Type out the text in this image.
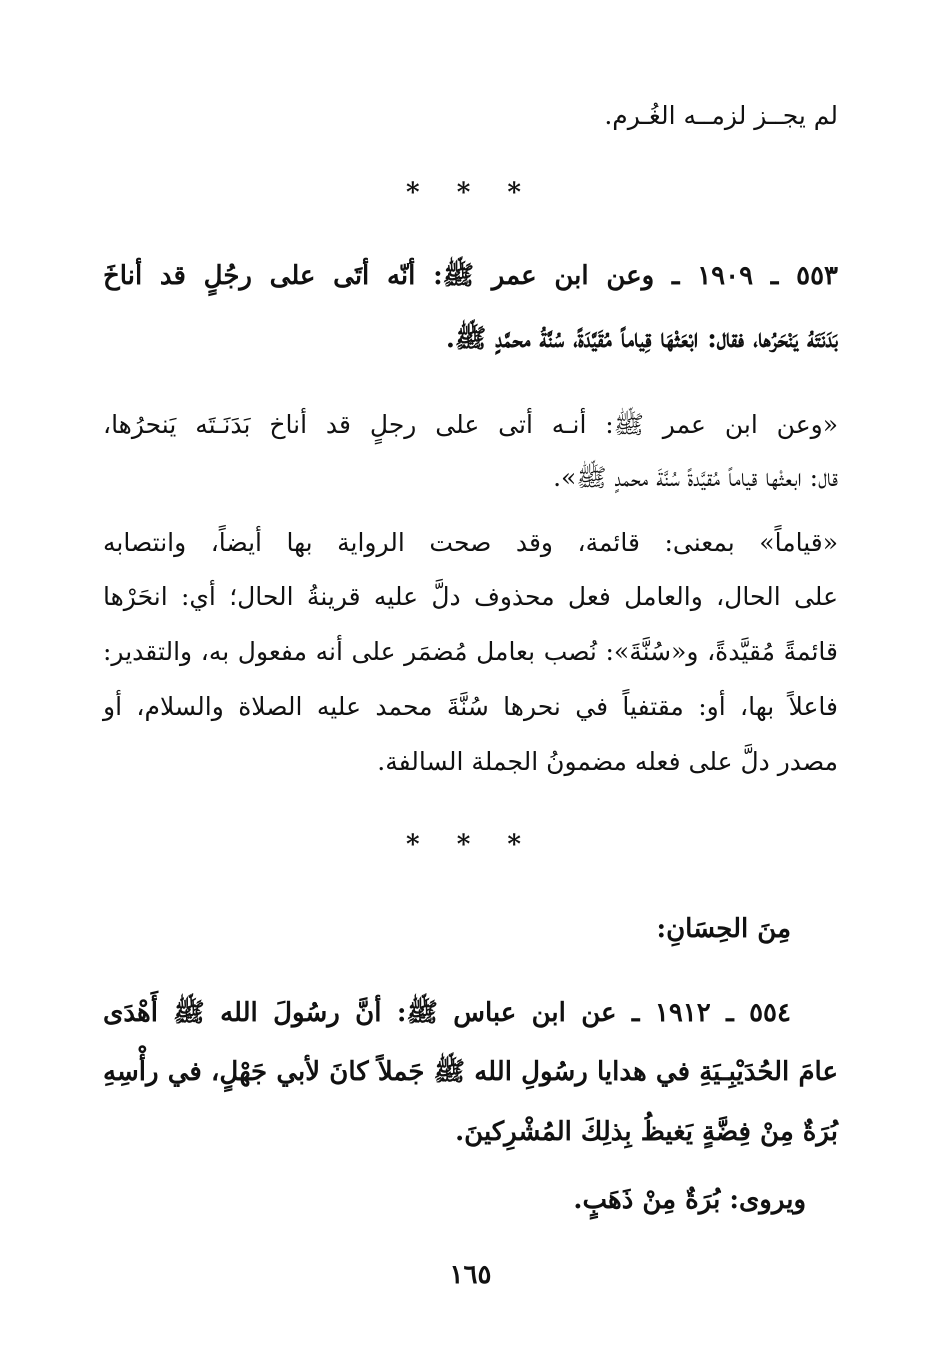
لم يجــز لزمــه الغُـرم.
* * *
٥٥٣ ـ ١٩٠٩ ـ وعن ابن عمر ﷺ: أنّه أتَى على رجُلٍ قد أناخَ
بَدَنَتَهُ يَنْحَرُها، فقال: ابْعَثْهَا قِياماً مُقَيَّدَةً، سُنَّةُ محمَّدٍ ﷺ.
«وعن ابن عمر ﷺ: أنـه أتى على رجلٍ قد أناخ بَدَنَـتَه يَنحرُها،
قال: ابعثْها قياماً مُقيَّدةً سُنَّةَ محمدٍ ﷺ».
«قياماً» بمعنى: قائمة، وقد صحت الرواية بها أيضاً، وانتصابه
على الحال، والعامل فعل محذوف دلَّ عليه قرينةُ الحال؛ أي: انحَرْها
قائمةً مُقيَّدةً، و«سُنَّةَ»: نُصب بعامل مُضمَر على أنه مفعول به، والتقدير:
فاعلاً بها، أو: مقتفياً في نحرها سُنَّةَ محمد عليه الصلاة والسلام، أو
مصدر دلَّ على فعله مضمونُ الجملة السالفة.
* * *
مِنَ الحِسَانِ:
٥٥٤ ـ ١٩١٢ ـ عن ابن عباس ﷺ: أنَّ رسُولَ الله ﷺ أَهْدَى
عامَ الحُدَيْبِـيَةِ في هدايا رسُولِ الله ﷺ جَملاً كانَ لأبي جَهْلٍ، في رأْسِهِ
بُرَةٌ مِنْ فِضَّةٍ يَغيظُ بِذلِكَ المُشْرِكينَ.
ويروى: بُرَةٌ مِنْ ذَهَبٍ.
١٦٥
